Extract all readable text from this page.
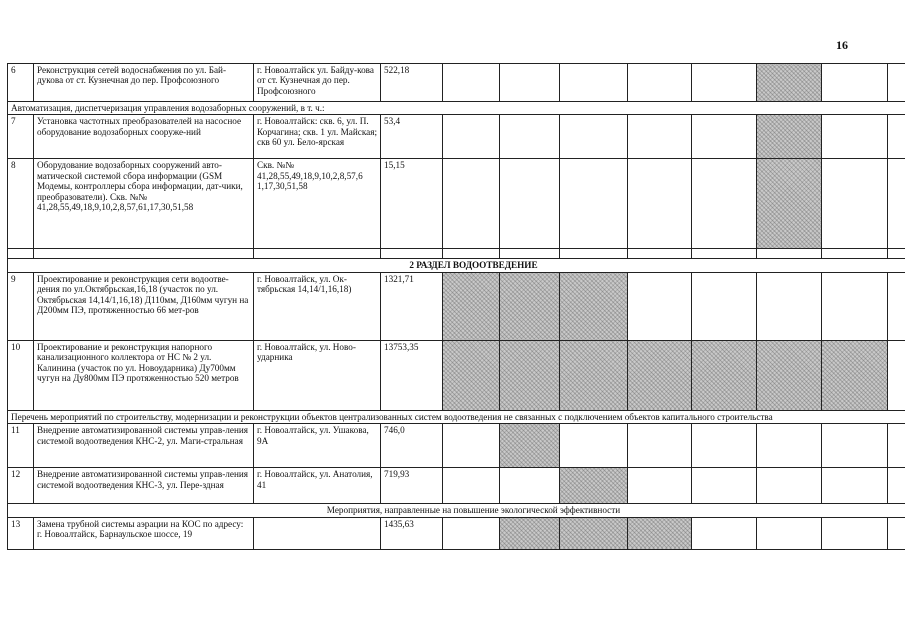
16
6	Реконструкция сетей водоснабжения по ул. Бай-дукова от ст. Кузнечная до пер. Профсоюзного	г. Новоалтайск ул. Байду-кова от ст. Кузнечная до пер. Профсоюзного	522,18								
Автоматизация, диспетчеризация управления водозаборных сооружений, в т. ч.:											
7	Установка частотных преобразователей на насосное оборудование водозаборных сооруже-ний	г. Новоалтайск: скв. 6, ул. П. Корчагина; скв. 1 ул. Майская; скв 60 ул. Бело-ярская	53,4								
8	Оборудование водозаборных сооружений авто-матической системой сбора информации (GSM Модемы, контроллеры сбора информации, дат-чики, преобразователи). Скв. №№ 41,28,55,49,18,9,10,2,8,57,61,17,30,51,58	Скв. №№ 41,28,55,49,18,9,10,2,8,57,6 1,17,30,51,58	15,15								

2 РАЗДЕЛ ВОДООТВЕДЕНИЕ											
9	Проектирование и реконструкция сети водоотве-дения по ул.Октябрьская,16,18 (участок по ул. Октябрьская 14,14/1,16,18) Д110мм, Д160мм чугун на Д200мм ПЭ, протяженностью 66 мет-ров	г. Новоалтайск, ул. Ок-тябрьская 14,14/1,16,18)	1321,71								
10	Проектирование и реконструкция напорного канализационного коллектора от НС № 2 ул. Калинина (участок по ул. Новоударника) Ду700мм чугун на Ду800мм ПЭ протяженностью 520 метров	г. Новоалтайск, ул. Ново-ударника	13753,35								
Перечень мероприятий по строительству, модернизации и реконструкции объектов централизованных систем водоотведения не связанных с подключением объектов капитального строительства											
11	Внедрение автоматизированной системы управ-ления системой водоотведения КНС-2, ул. Маги-стральная	г. Новоалтайск, ул. Ушакова, 9А	746,0								
12	Внедрение автоматизированной системы управ-ления системой водоотведения КНС-3, ул. Пере-здная	г. Новоалтайск, ул. Анатолия, 41	719,93								
Мероприятия, направленные на повышение экологической эффективности											
13	Замена трубной системы аэрации на КОС по адресу: г. Новоалтайск, Барнаульское шоссе, 19		1435,63								
